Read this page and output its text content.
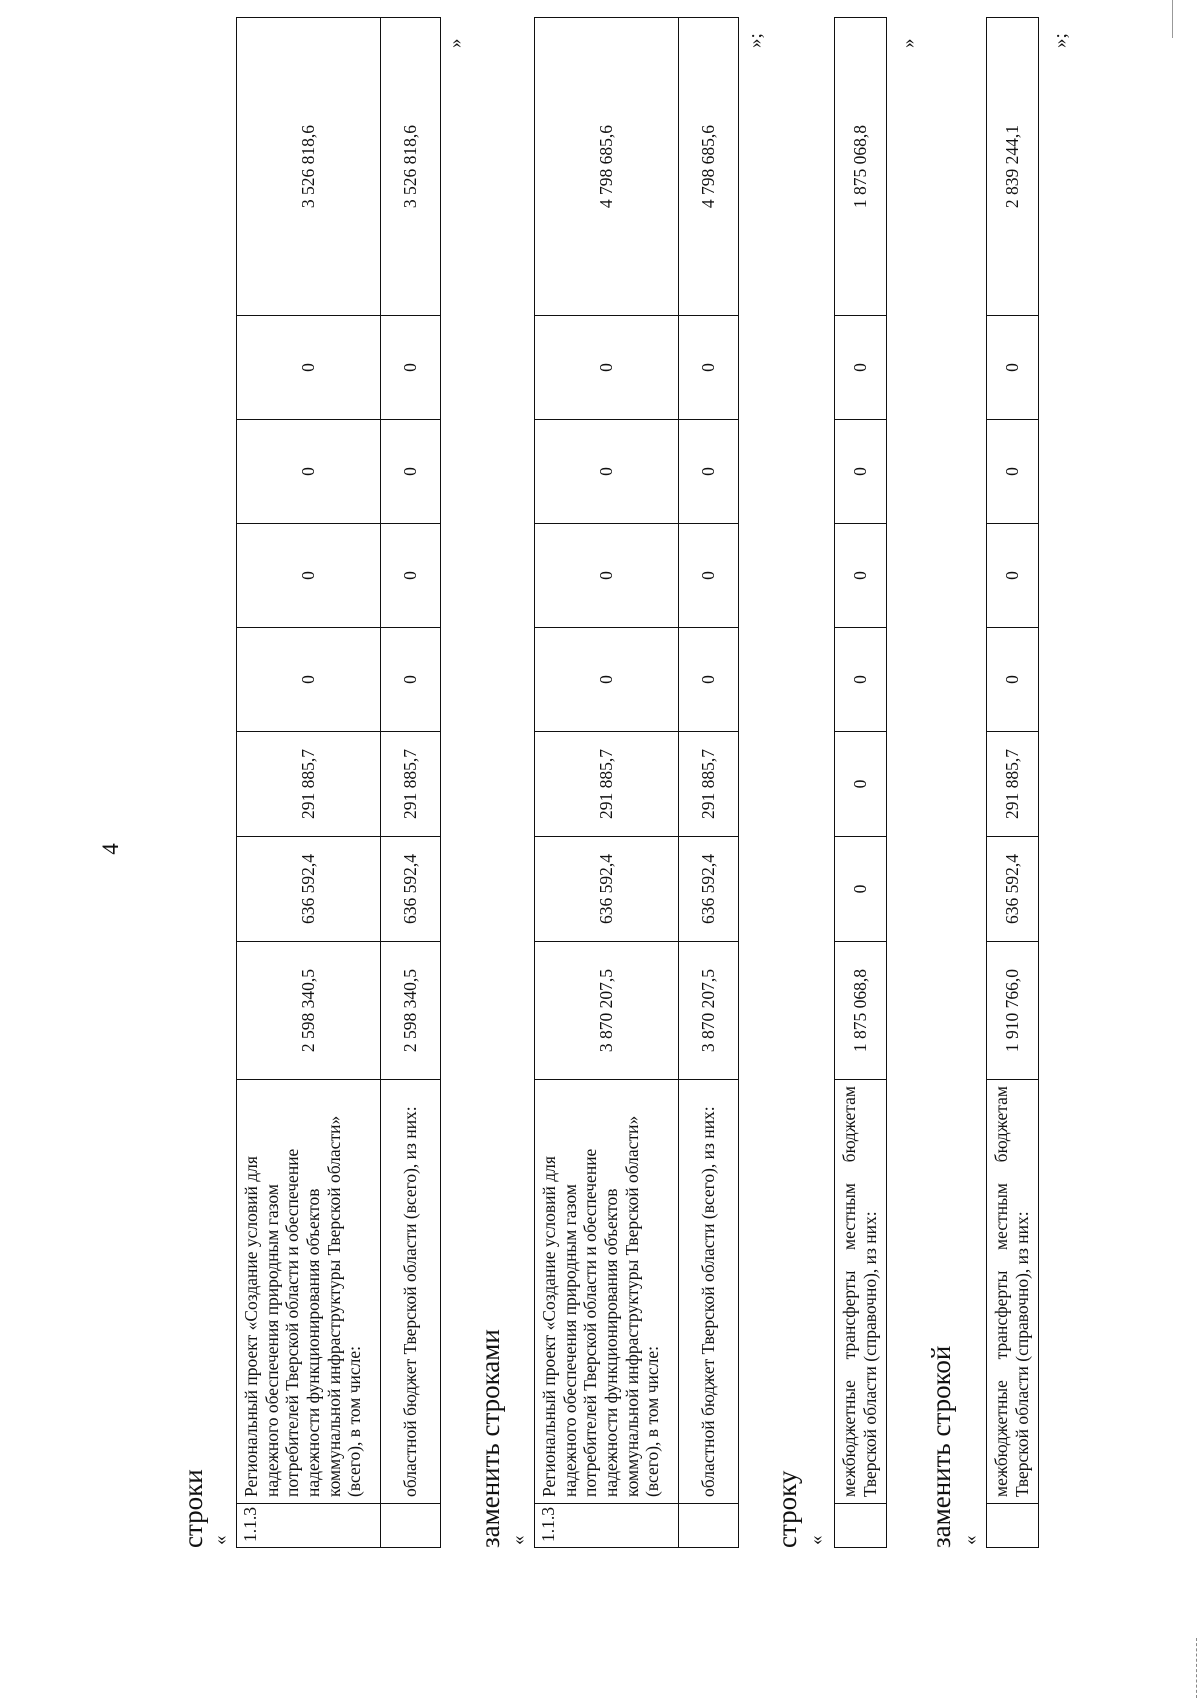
4
строки « 1.1.3	Региональный проект «Создание условий для надежного обеспечения природным газом потребителей Тверской области и обеспечение надежности функционирования объектов коммунальной инфраструктуры Тверской области» (всего), в том числе:	2 598 340,5	636 592,4	291 885,7	0	0	0	0	3 526 818,6
	областной бюджет Тверской области (всего), из них:	2 598 340,5	636 592,4	291 885,7	0	0	0	0	3 526 818,6
»
заменить строками « 1.1.3	Региональный проект «Создание условий для надежного обеспечения природным газом потребителей Тверской области и обеспечение надежности функционирования объектов коммунальной инфраструктуры Тверской области» (всего), в том числе:	3 870 207,5	636 592,4	291 885,7	0	0	0	0	4 798 685,6
	областной бюджет Тверской области (всего), из них:	3 870 207,5	636 592,4	291 885,7	0	0	0	0	4 798 685,6
»;
строку «
	межбюджетные трансферты местным бюджетам Тверской области (справочно), из них:	1 875 068,8	0	0	0	0	0	0	1 875 068,8
»
заменить строкой «
	межбюджетные трансферты местным бюджетам Тверской области (справочно), из них:	1 910 766,0	636 592,4	291 885,7	0	0	0	0	2 839 244,1
»;
